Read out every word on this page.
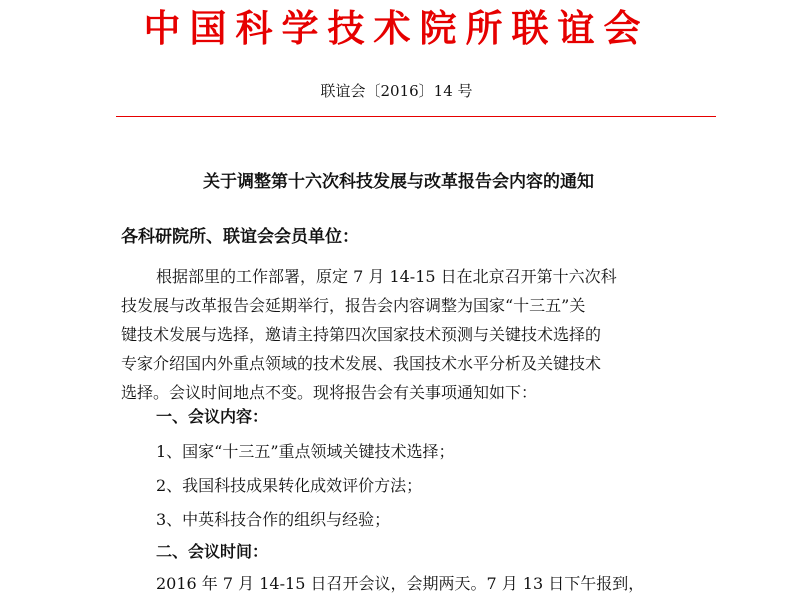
中国科学技术院所联谊会
联谊会〔2016〕14 号
关于调整第十六次科技发展与改革报告会内容的通知
各科研院所、联谊会会员单位：
根据部里的工作部署，原定 7 月 14-15 日在北京召开第十六次科
技发展与改革报告会延期举行，报告会内容调整为国家“十三五”关
键技术发展与选择，邀请主持第四次国家技术预测与关键技术选择的
专家介绍国内外重点领域的技术发展、我国技术水平分析及关键技术
选择。会议时间地点不变。现将报告会有关事项通知如下：
一、会议内容：
1、国家“十三五”重点领域关键技术选择；
2、我国科技成果转化成效评价方法；
3、中英科技合作的组织与经验；
二、会议时间：
2016 年 7 月 14-15 日召开会议，会期两天。7 月 13 日下午报到，
